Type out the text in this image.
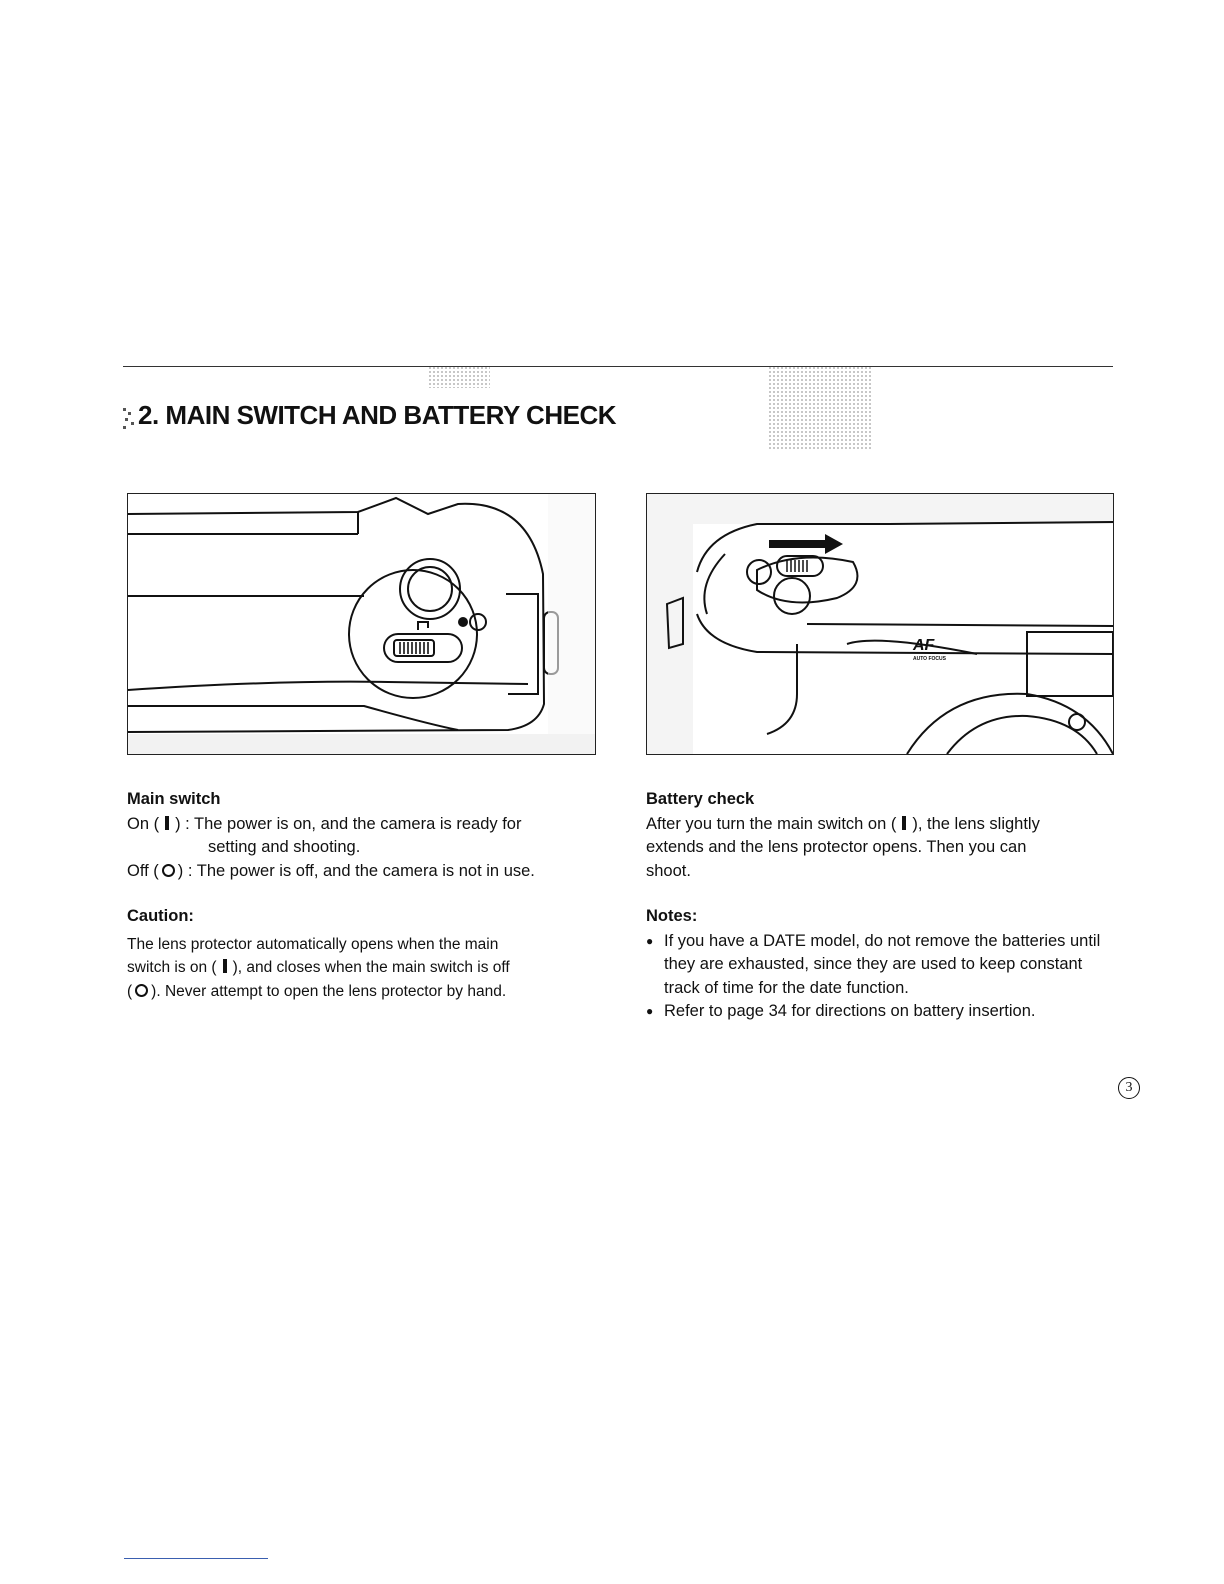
2. MAIN SWITCH AND BATTERY CHECK
AF
AUTO FOCUS
Main switch
On ( ) : The power is on, and the camera is ready for
setting and shooting.
Off ( ) : The power is off, and the camera is not in use.
Caution:
The lens protector automatically opens when the main
switch is on ( ), and closes when the main switch is off
( ). Never attempt to open the lens protector by hand.
Battery check
After you turn the main switch on ( ), the lens slightly
extends and the lens protector opens. Then you can
shoot.
Notes:
● If you have a DATE model, do not remove the batteries until they are exhausted, since they are used to keep constant track of time for the date function.
● Refer to page 34 for directions on battery insertion.
3
